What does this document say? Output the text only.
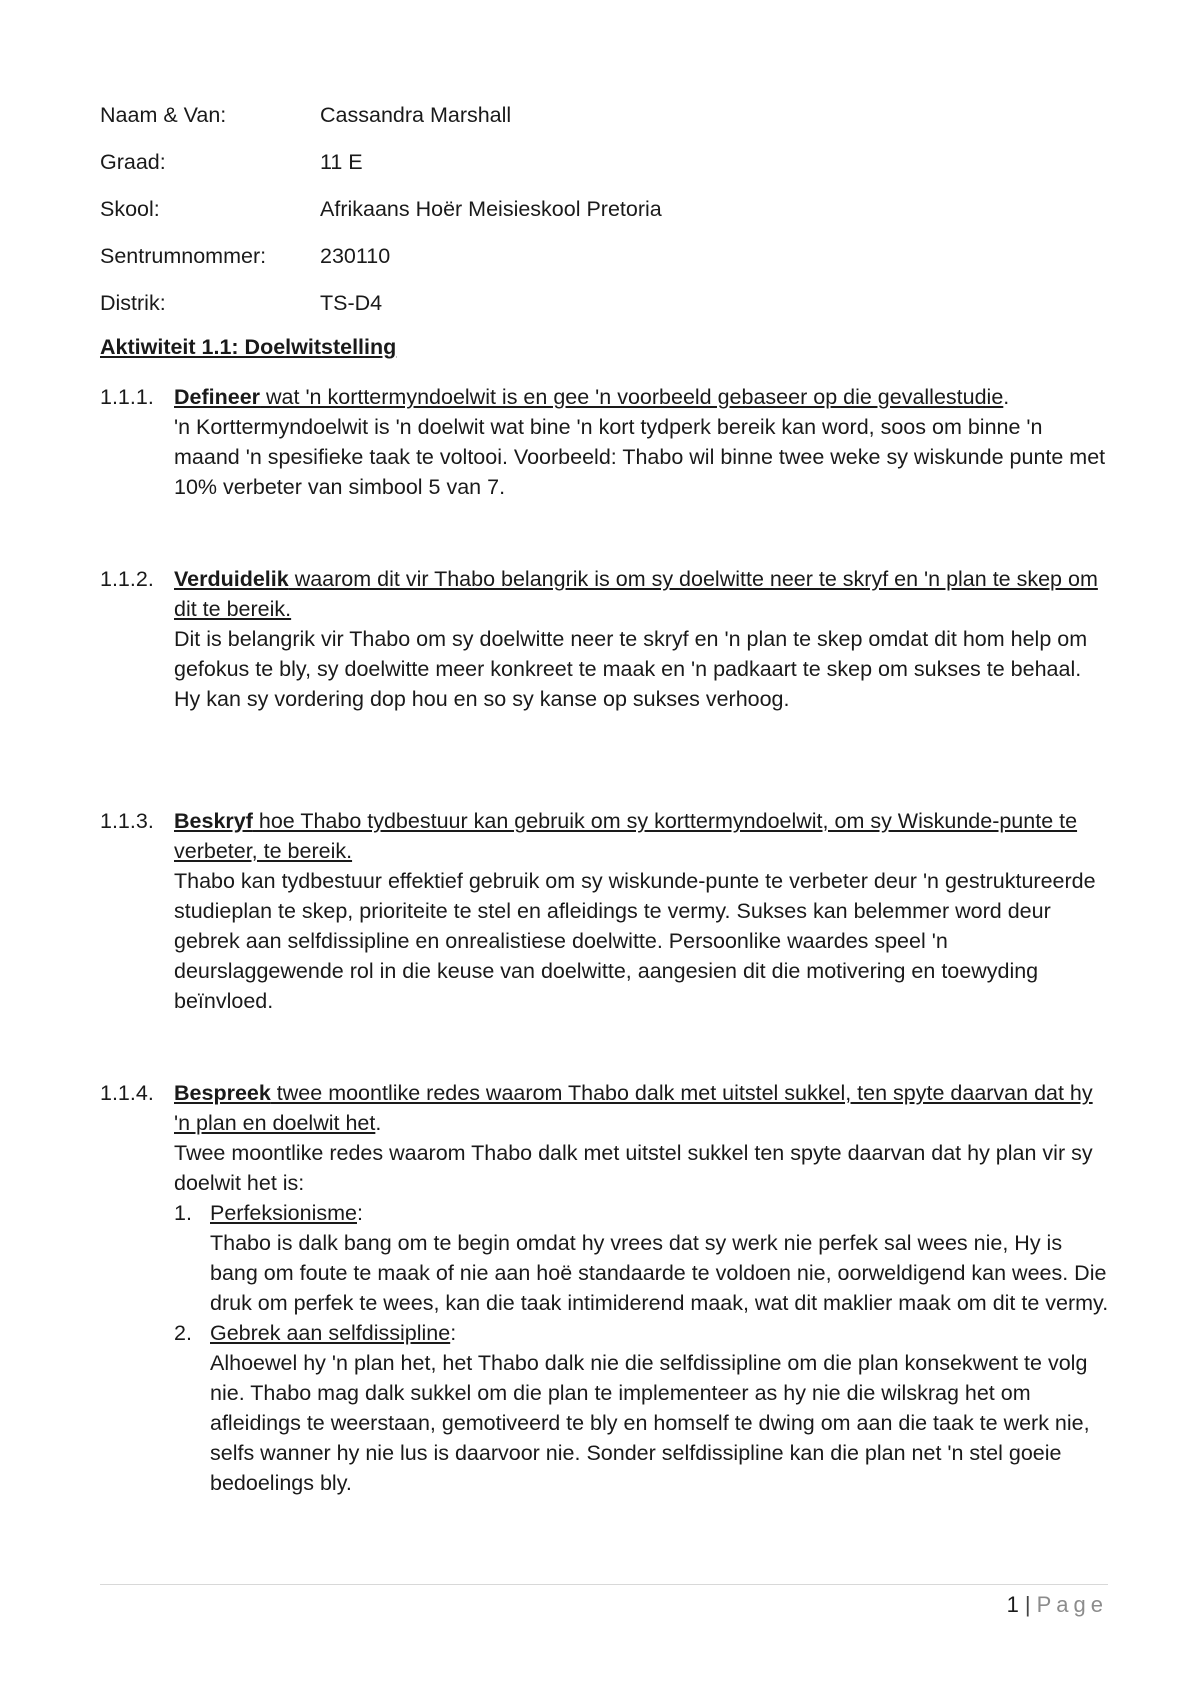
Naam & Van:	Cassandra Marshall
Graad:	11 E
Skool:	Afrikaans Hoër Meisieskool Pretoria
Sentrumnommer:	230110
Distrik:	TS-D4
Aktiwiteit 1.1: Doelwitstelling
1.1.1. Definee​r wat 'n korttermyndoelwit is en gee 'n voorbeeld gebaseer op die gevallestudie.
'n Korttermyndoelwit is 'n doelwit wat bine 'n kort tydperk bereik kan word, soos om binne 'n maand 'n spesifieke taak te voltooi. Voorbeeld: Thabo wil binne twee weke sy wiskunde punte met 10% verbeter van simbool 5 van 7.
1.1.2. Verduidelik waarom dit vir Thabo belangrik is om sy doelwitte neer te skryf en 'n plan te skep om dit te bereik.
Dit is belangrik vir Thabo om sy doelwitte neer te skryf en 'n plan te skep omdat dit hom help om gefokus te bly, sy doelwitte meer konkreet te maak en 'n padkaart te skep om sukses te behaal. Hy kan sy vordering dop hou en so sy kanse op sukses verhoog.
1.1.3. Beskryf hoe Thabo tydbestuur kan gebruik om sy korttermyndoelwit, om sy Wiskunde-punte te verbeter, te bereik.
Thabo kan tydbestuur effektief gebruik om sy wiskunde-punte te verbeter deur 'n gestruktureerde studieplan te skep, prioriteite te stel en afleidings te vermy. Sukses kan belemmer word deur gebrek aan selfdissipline en onrealistiese doelwitte. Persoonlike waardes speel 'n deurslaggewende rol in die keuse van doelwitte, aangesien dit die motivering en toewyding beïnvloed.
1.1.4. Bespreek twee moontlike redes waarom Thabo dalk met uitstel sukkel, ten spyte daarvan dat hy 'n plan en doelwit het.
Twee moontlike redes waarom Thabo dalk met uitstel sukkel ten spyte daarvan dat hy plan vir sy doelwit het is:
1. Perfeksionisme:
Thabo is dalk bang om te begin omdat hy vrees dat sy werk nie perfek sal wees nie, Hy is bang om foute te maak of nie aan hoë standaarde te voldoen nie, oorweldigend kan wees. Die druk om perfek te wees, kan die taak intimiderend maak, wat dit maklier maak om dit te vermy.
2. Gebrek aan selfdissipline:
Alhoewel hy 'n plan het, het Thabo dalk nie die selfdissipline om die plan konsekwent te volg nie. Thabo mag dalk sukkel om die plan te implementeer as hy nie die wilskrag het om afleidings te weerstaan, gemotiveerd te bly en homself te dwing om aan die taak te werk nie, selfs wanner hy nie lus is daarvoor nie. Sonder selfdissipline kan die plan net 'n stel goeie bedoelings bly.
1 | Page
